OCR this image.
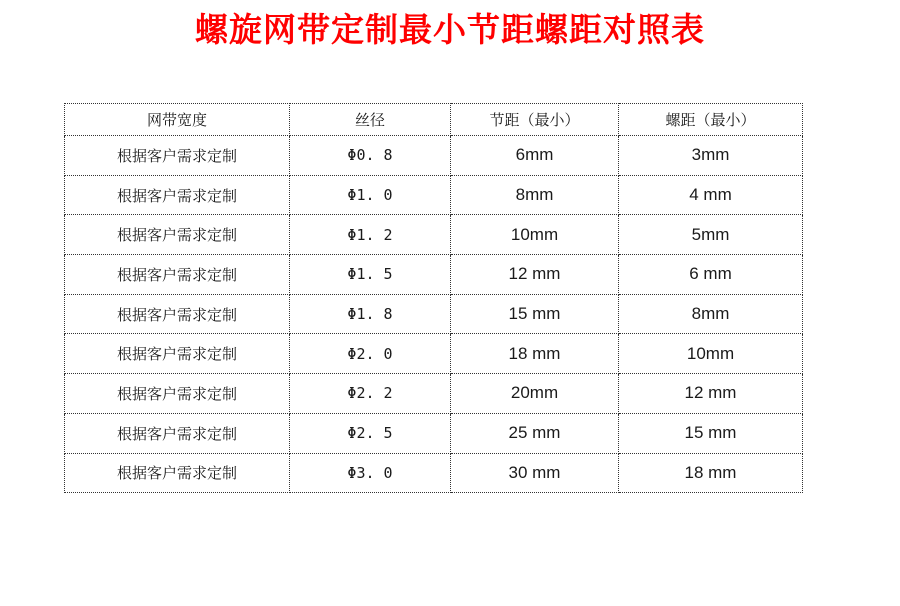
螺旋网带定制最小节距螺距对照表
网带宽度	丝径	节距（最小）	螺距（最小）
根据客户需求定制	Φ0. 8	6mm	3mm
根据客户需求定制	Φ1. 0	8mm	4 mm
根据客户需求定制	Φ1. 2	10mm	5mm
根据客户需求定制	Φ1. 5	12 mm	6 mm
根据客户需求定制	Φ1. 8	15 mm	8mm
根据客户需求定制	Φ2. 0	18 mm	10mm
根据客户需求定制	Φ2. 2	20mm	12 mm
根据客户需求定制	Φ2. 5	25 mm	15 mm
根据客户需求定制	Φ3. 0	30 mm	18 mm
